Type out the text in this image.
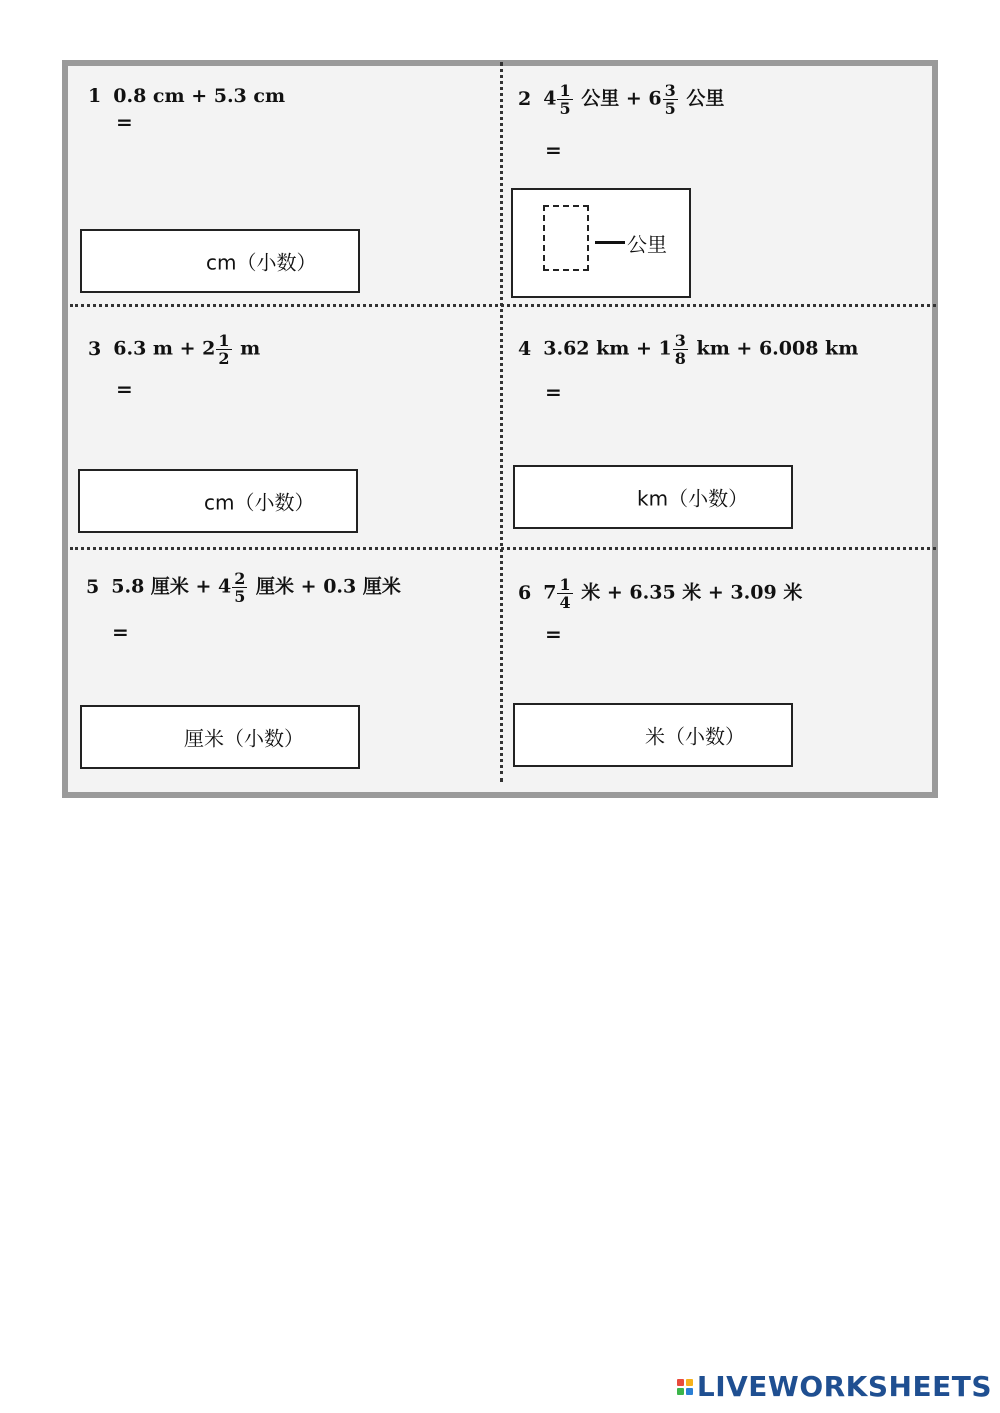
1 0.8 cm + 5.3 cm
=
cm（小数）
2 $4 \frac{1}{5}$ 公里 + $6 \frac{3}{5}$ 公里
=
公里
3 6.3 $m + 2 \frac{1}{2}$ m
=
cm（小数）
4 3.62 km + $1 \frac{3}{8}$ km + 6.008 km
=
km（小数）
5 5.8 厘米 + $4 \frac{2}{5}$ 厘米 + 0.3 厘米
=
厘米（小数）
6 $7 \frac{1}{4}$ 米 + 6.35 米 + 3.09 米
=
米（小数）
LIVEWORKSHEETS
